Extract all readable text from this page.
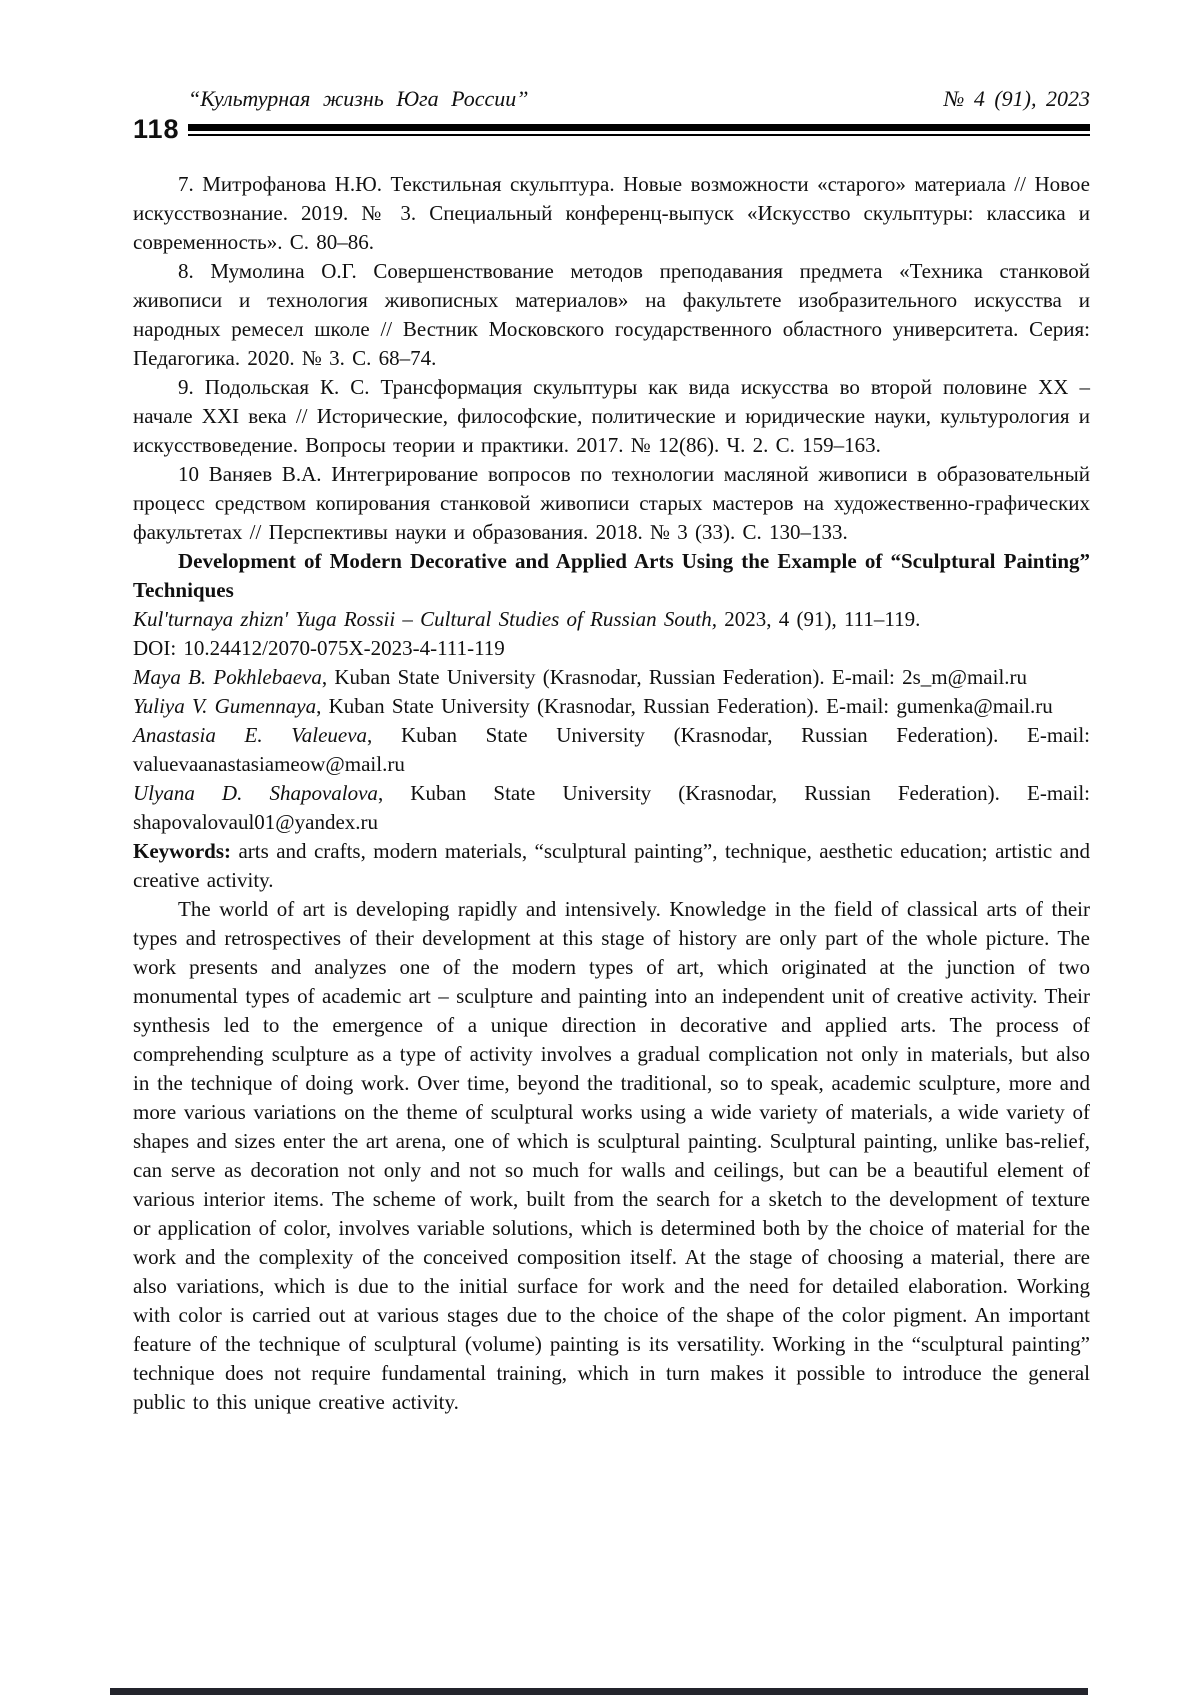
“Культурная жизнь Юга России”	№ 4 (91), 2023
118

7. Митрофанова Н.Ю. Текстильная скульптура. Новые возможности «старого» материала // Новое искусствознание. 2019. № 3. Специальный конференц-выпуск «Искусство скульптуры: классика и современность». С. 80–86.

8. Мумолина О.Г. Совершенствование методов преподавания предмета «Техника станковой живописи и технология живописных материалов» на факультете изобразительного искусства и народных ремесел школе // Вестник Московского государственного областного университета. Серия: Педагогика. 2020. № 3. С. 68–74.

9. Подольская К. С. Трансформация скульптуры как вида искусства во второй половине XX – начале XXI века // Исторические, философские, политические и юридические науки, культурология и искусствоведение. Вопросы теории и практики. 2017. № 12(86). Ч. 2. С. 159–163.

10 Ваняев В.А. Интегрирование вопросов по технологии масляной живописи в образовательный процесс средством копирования станковой живописи старых мастеров на художественно-графических факультетах // Перспективы науки и образования. 2018. № 3 (33). С. 130–133.

Development of Modern Decorative and Applied Arts Using the Example of “Sculptural Painting” Techniques

Kul'turnaya zhizn' Yuga Rossii – Cultural Studies of Russian South, 2023, 4 (91), 111–119.

DOI: 10.24412/2070-075X-2023-4-111-119

Maya B. Pokhlebaeva, Kuban State University (Krasnodar, Russian Federation). E-mail: 2s_m@mail.ru

Yuliya V. Gumennaya, Kuban State University (Krasnodar, Russian Federation). E-mail: gumenka@mail.ru

Anastasia E. Valeueva, Kuban State University (Krasnodar, Russian Federation). E-mail: valuevaanastasiameow@mail.ru

Ulyana D. Shapovalova, Kuban State University (Krasnodar, Russian Federation). E-mail: shapovalovaul01@yandex.ru

Keywords: arts and crafts, modern materials, “sculptural painting”, technique, aesthetic education; artistic and creative activity.

The world of art is developing rapidly and intensively. Knowledge in the field of classical arts of their types and retrospectives of their development at this stage of history are only part of the whole picture. The work presents and analyzes one of the modern types of art, which originated at the junction of two monumental types of academic art – sculpture and painting into an independent unit of creative activity. Their synthesis led to the emergence of a unique direction in decorative and applied arts. The process of comprehending sculpture as a type of activity involves a gradual complication not only in materials, but also in the technique of doing work. Over time, beyond the traditional, so to speak, academic sculpture, more and more various variations on the theme of sculptural works using a wide variety of materials, a wide variety of shapes and sizes enter the art arena, one of which is sculptural painting. Sculptural painting, unlike bas-relief, can serve as decoration not only and not so much for walls and ceilings, but can be a beautiful element of various interior items. The scheme of work, built from the search for a sketch to the development of texture or application of color, involves variable solutions, which is determined both by the choice of material for the work and the complexity of the conceived composition itself. At the stage of choosing a material, there are also variations, which is due to the initial surface for work and the need for detailed elaboration. Working with color is carried out at various stages due to the choice of the shape of the color pigment. An important feature of the technique of sculptural (volume) painting is its versatility. Working in the “sculptural painting” technique does not require fundamental training, which in turn makes it possible to introduce the general public to this unique creative activity.
